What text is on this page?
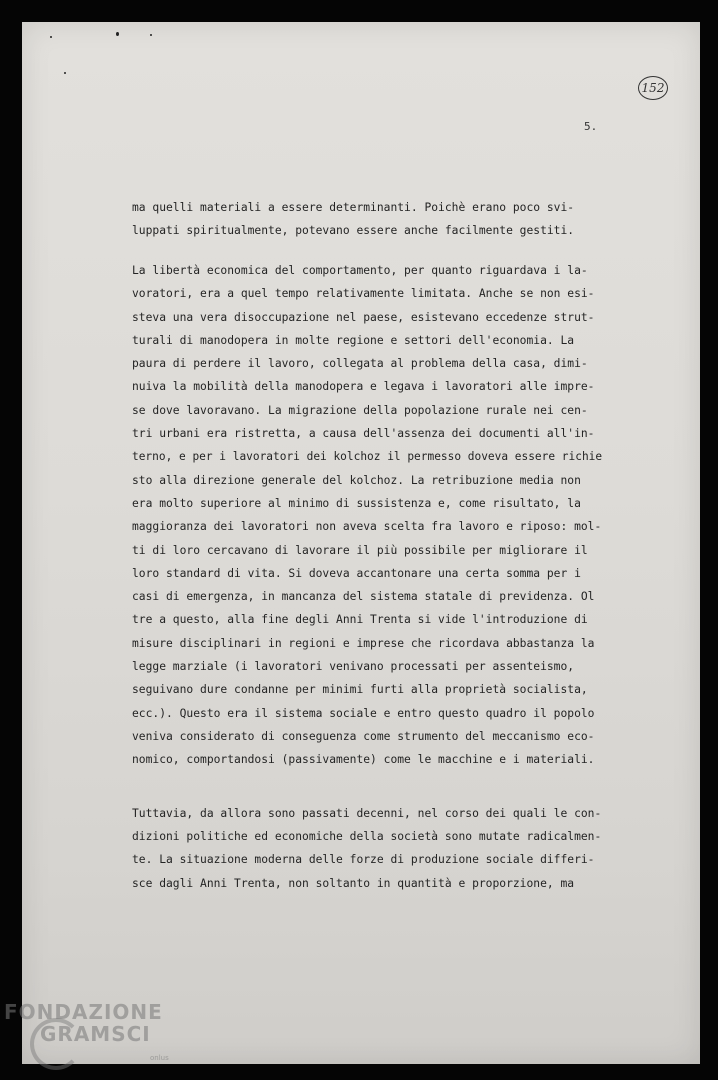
152
5.
ma quelli materiali a essere determinanti. Poichè erano poco svi-
luppati spiritualmente, potevano essere anche facilmente gestiti.
La libertà economica del comportamento, per quanto riguardava i la-
voratori, era a quel tempo relativamente limitata. Anche se non esi-
steva una vera disoccupazione nel paese, esistevano eccedenze strut-
turali di manodopera in molte regione e settori dell'economia. La
paura di perdere il lavoro, collegata al problema della casa, dimi-
nuiva la mobilità della manodopera e legava i lavoratori alle impre-
se dove lavoravano. La migrazione della popolazione rurale nei cen-
tri urbani era ristretta, a causa dell'assenza dei documenti all'in-
terno, e per i lavoratori dei kolchoz il permesso doveva essere richie
sto alla direzione generale del kolchoz. La retribuzione media non
era molto superiore al minimo di sussistenza e, come risultato, la
maggioranza dei lavoratori non aveva scelta fra lavoro e riposo: mol-
ti di loro cercavano di lavorare il più possibile per migliorare il
loro standard di vita. Si doveva accantonare una certa somma per i
casi di emergenza, in mancanza del sistema statale di previdenza. Ol
tre a questo, alla fine degli Anni Trenta si vide l'introduzione di
misure disciplinari in regioni e imprese che ricordava abbastanza la
legge marziale (i lavoratori venivano processati per assenteismo,
seguivano dure condanne per minimi furti alla proprietà socialista,
ecc.). Questo era il sistema sociale e entro questo quadro il popolo
veniva considerato di conseguenza come strumento del meccanismo eco-
nomico, comportandosi (passivamente) come le macchine e i materiali.
Tuttavia, da allora sono passati decenni, nel corso dei quali le con-
dizioni politiche ed economiche della società sono mutate radicalmen-
te. La situazione moderna delle forze di produzione sociale differi-
sce dagli Anni Trenta, non soltanto in quantità e proporzione, ma
FONDAZIONE
GRAMSCI
onlus
